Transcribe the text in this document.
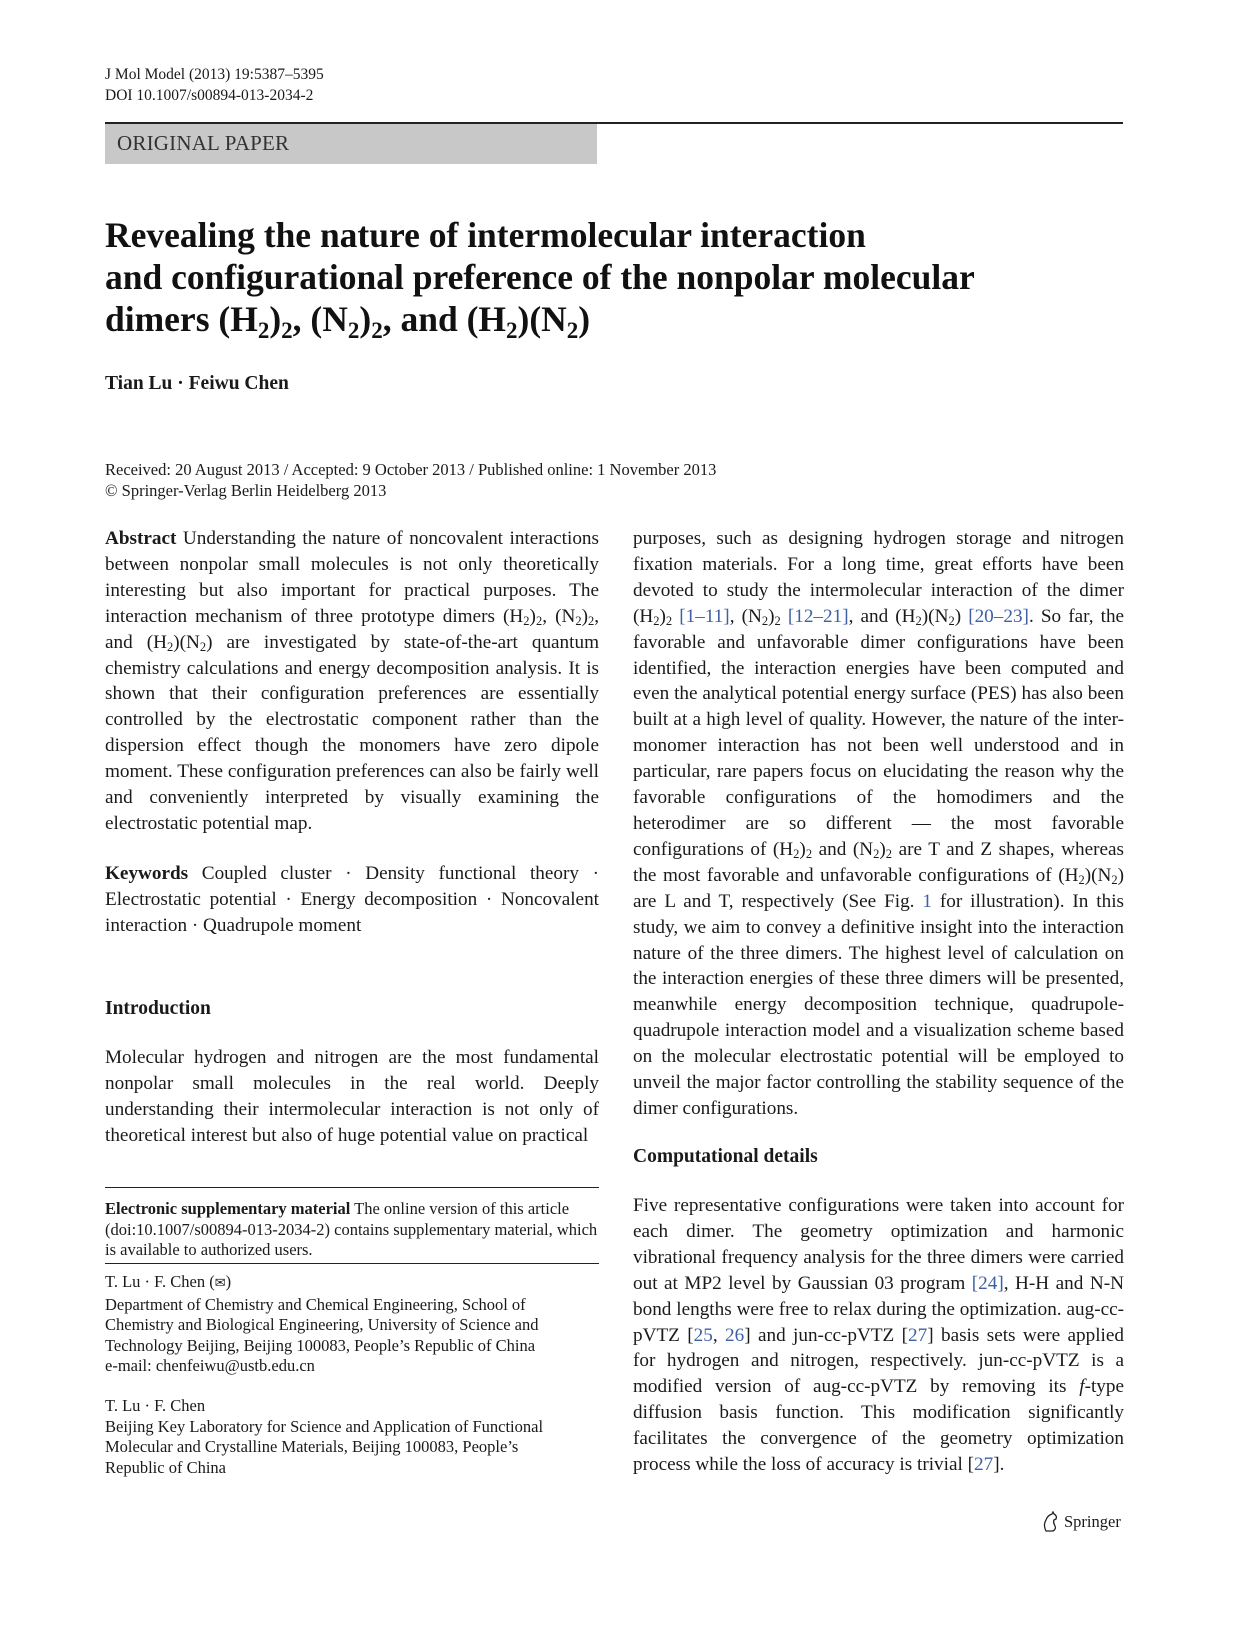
J Mol Model (2013) 19:5387–5395
DOI 10.1007/s00894-013-2034-2
ORIGINAL PAPER
Revealing the nature of intermolecular interaction
and configurational preference of the nonpolar molecular
dimers $(H_2)_2$, $(N_2)_2$, and $(H_2)(N_2)$
Tian Lu · Feiwu Chen
Received: 20 August 2013 / Accepted: 9 October 2013 / Published online: 1 November 2013
© Springer-Verlag Berlin Heidelberg 2013

Abstract Understanding the nature of noncovalent interactions between nonpolar small molecules is not only theoretically interesting but also important for practical purposes. The interaction mechanism of three prototype dimers $(H_2)_2$, $(N_2)_2$, and $(H_2)(N_2)$ are investigated by state-of-the-art quantum chemistry calculations and energy decomposition analysis. It is shown that their configuration preferences are essentially controlled by the electrostatic component rather than the dispersion effect though the monomers have zero dipole moment. These configuration preferences can also be fairly well and conveniently interpreted by visually examining the electrostatic potential map.

Keywords Coupled cluster · Density functional theory · Electrostatic potential · Energy decomposition · Noncovalent interaction · Quadrupole moment

Introduction

Molecular hydrogen and nitrogen are the most fundamental nonpolar small molecules in the real world. Deeply understanding their intermolecular interaction is not only of theoretical interest but also of huge potential value on practical

Electronic supplementary material The online version of this article (doi:10.1007/s00894-013-2034-2) contains supplementary material, which is available to authorized users.
T. Lu · F. Chen (✉)
Department of Chemistry and Chemical Engineering, School of
Chemistry and Biological Engineering, University of Science and
Technology Beijing, Beijing 100083, People’s Republic of China
e-mail: chenfeiwu@ustb.edu.cn
T. Lu · F. Chen
Beijing Key Laboratory for Science and Application of Functional
Molecular and Crystalline Materials, Beijing 100083, People’s
Republic of China

purposes, such as designing hydrogen storage and nitrogen fixation materials. For a long time, great efforts have been devoted to study the intermolecular interaction of the dimer $(H_2)_2$ [1–11], $(N_2)_2$ [12–21], and $(H_2)(N_2)$ [20–23]. So far, the favorable and unfavorable dimer configurations have been identified, the interaction energies have been computed and even the analytical potential energy surface (PES) has also been built at a high level of quality. However, the nature of the inter-monomer interaction has not been well understood and in particular, rare papers focus on elucidating the reason why the favorable configurations of the homodimers and the heterodimer are so different — the most favorable configurations of $(H_2)_2$ and $(N_2)_2$ are T and Z shapes, whereas the most favorable and unfavorable configurations of $(H_2)(N_2)$ are L and T, respectively (See Fig. 1 for illustration). In this study, we aim to convey a definitive insight into the interaction nature of the three dimers. The highest level of calculation on the interaction energies of these three dimers will be presented, meanwhile energy decomposition technique, quadrupole-quadrupole interaction model and a visualization scheme based on the molecular electrostatic potential will be employed to unveil the major factor controlling the stability sequence of the dimer configurations.

Computational details

Five representative configurations were taken into account for each dimer. The geometry optimization and harmonic vibrational frequency analysis for the three dimers were carried out at MP2 level by Gaussian 03 program [24], H-H and N-N bond lengths were free to relax during the optimization. aug-cc-pVTZ [25, 26] and jun-cc-pVTZ [27] basis sets were applied for hydrogen and nitrogen, respectively. jun-cc-pVTZ is a modified version of aug-cc-pVTZ by removing its f-type diffusion basis function. This modification significantly facilitates the convergence of the geometry optimization process while the loss of accuracy is trivial [27].

Springer
